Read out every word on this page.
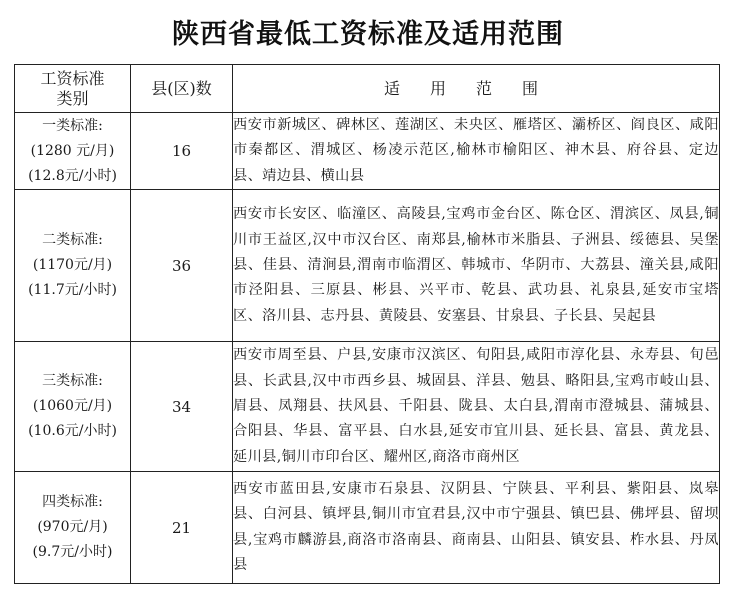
陕西省最低工资标准及适用范围
工资标准
类别	县(区)数	适用范围

一类标准:
(1280 元/月)
(12.8元/小时)	16	西安市新城区、碑林区、莲湖区、未央区、雁塔区、灞桥区、阎良区、咸阳市秦都区、渭城区、杨凌示范区,榆林市榆阳区、神木县、府谷县、定边县、靖边县、横山县

二类标准:
(1170元/月)
(11.7元/小时)	36	西安市长安区、临潼区、高陵县,宝鸡市金台区、陈仓区、渭滨区、凤县,铜川市王益区,汉中市汉台区、南郑县,榆林市米脂县、子洲县、绥德县、吴堡县、佳县、清涧县,渭南市临渭区、韩城市、华阴市、大荔县、潼关县,咸阳市泾阳县、三原县、彬县、兴平市、乾县、武功县、礼泉县,延安市宝塔区、洛川县、志丹县、黄陵县、安塞县、甘泉县、子长县、吴起县

三类标准:
(1060元/月)
(10.6元/小时)	34	西安市周至县、户县,安康市汉滨区、旬阳县,咸阳市淳化县、永寿县、旬邑县、长武县,汉中市西乡县、城固县、洋县、勉县、略阳县,宝鸡市岐山县、眉县、凤翔县、扶风县、千阳县、陇县、太白县,渭南市澄城县、蒲城县、合阳县、华县、富平县、白水县,延安市宜川县、延长县、富县、黄龙县、延川县,铜川市印台区、耀州区,商洛市商州区

四类标准:
(970元/月)
(9.7元/小时)	21	西安市蓝田县,安康市石泉县、汉阴县、宁陕县、平利县、紫阳县、岚皋县、白河县、镇坪县,铜川市宜君县,汉中市宁强县、镇巴县、佛坪县、留坝县,宝鸡市麟游县,商洛市洛南县、商南县、山阳县、镇安县、柞水县、丹凤县
